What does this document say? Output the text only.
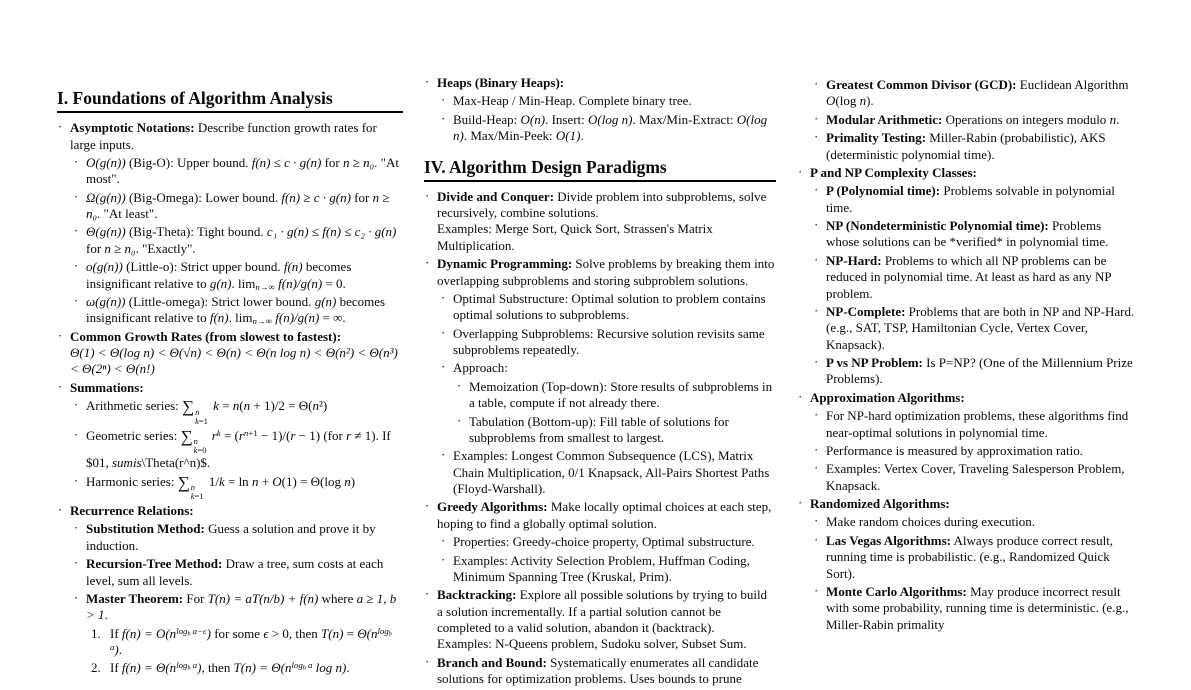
I. Foundations of Algorithm Analysis
· Asymptotic Notations: Describe function growth rates for large inputs.
· O(g(n)) (Big-O): Upper bound. f(n) ≤ c · g(n) for n ≥ n₀. "At most".
· Ω(g(n)) (Big-Omega): Lower bound. f(n) ≥ c · g(n) for n ≥ n₀. "At least".
· Θ(g(n)) (Big-Theta): Tight bound. c₁ · g(n) ≤ f(n) ≤ c₂ · g(n) for n ≥ n₀. "Exactly".
· o(g(n)) (Little-o): Strict upper bound. f(n) becomes insignificant relative to g(n). $\lim_{n\to\infty} f(n)/g(n) = 0$.
· ω(g(n)) (Little-omega): Strict lower bound. g(n) becomes insignificant relative to f(n). $\lim_{n\to\infty} f(n)/g(n)$ = ∞.
· Common Growth Rates (from slowest to fastest):
Θ(1) < Θ(log n) < Θ(√n) < Θ(n) < Θ(n log n) < Θ(n²) < Θ(n³) < Θ(2ⁿ) < Θ(n!)
· Summations:
· Arithmetic series: ∑ n
k=1
k = n(n + 1)/2 = Θ(n²)
· Geometric series: ∑ n
k=0
$r^k = (r^{n+1} - 1)/(r - 1)$ (for r ≠ 1). If $01, sumis\Theta(r^n)$.
· Harmonic series: ∑ n
k=1
1/k = ln n + O(1) = Θ(log n)
· Recurrence Relations:
· Substitution Method: Guess a solution and prove it by induction.
· Recursion-Tree Method: Draw a tree, sum costs at each level, sum all levels.
· Master Theorem: For T(n) = aT(n/b) + f(n) where a ≥ 1, b > 1.
1. If $f(n) = O(n^{log_b a-\epsilon})$ for some ϵ > 0, then $T(n) = \Theta(n^{log_b a})$.
2. If $f(n) = \Theta(n^{log_b a})$, then $T(n) = \Theta(n^{log_b a}$ log n).
· Heaps (Binary Heaps):
· Max-Heap / Min-Heap. Complete binary tree.
· Build-Heap: O(n). Insert: O(log n). Max/Min-Extract: O(log n). Max/Min-Peek: O(1).
IV. Algorithm Design Paradigms
· Divide and Conquer: Divide problem into subproblems, solve recursively, combine solutions.
Examples: Merge Sort, Quick Sort, Strassen's Matrix Multiplication.
· Dynamic Programming: Solve problems by breaking them into overlapping subproblems and storing subproblem solutions.
· Optimal Substructure: Optimal solution to problem contains optimal solutions to subproblems.
· Overlapping Subproblems: Recursive solution revisits same subproblems repeatedly.
· Approach:
· Memoization (Top-down): Store results of subproblems in a table, compute if not already there.
· Tabulation (Bottom-up): Fill table of solutions for subproblems from smallest to largest.
· Examples: Longest Common Subsequence (LCS), Matrix Chain Multiplication, 0/1 Knapsack, All-Pairs Shortest Paths (Floyd-Warshall).
· Greedy Algorithms: Make locally optimal choices at each step, hoping to find a globally optimal solution.
· Properties: Greedy-choice property, Optimal substructure.
· Examples: Activity Selection Problem, Huffman Coding, Minimum Spanning Tree (Kruskal, Prim).
· Backtracking: Explore all possible solutions by trying to build a solution incrementally. If a partial solution cannot be completed to a valid solution, abandon it (backtrack).
Examples: N-Queens problem, Sudoku solver, Subset Sum.
· Branch and Bound: Systematically enumerates all candidate solutions for optimization problems. Uses bounds to prune
· Greatest Common Divisor (GCD): Euclidean Algorithm O(log n).
· Modular Arithmetic: Operations on integers modulo n.
· Primality Testing: Miller-Rabin (probabilistic), AKS (deterministic polynomial time).
· P and NP Complexity Classes:
· P (Polynomial time): Problems solvable in polynomial time.
· NP (Nondeterministic Polynomial time): Problems whose solutions can be *verified* in polynomial time.
· NP-Hard: Problems to which all NP problems can be reduced in polynomial time. At least as hard as any NP problem.
· NP-Complete: Problems that are both in NP and NP-Hard. (e.g., SAT, TSP, Hamiltonian Cycle, Vertex Cover, Knapsack).
· P vs NP Problem: Is P=NP? (One of the Millennium Prize Problems).
· Approximation Algorithms:
· For NP-hard optimization problems, these algorithms find near-optimal solutions in polynomial time.
· Performance is measured by approximation ratio.
· Examples: Vertex Cover, Traveling Salesperson Problem, Knapsack.
· Randomized Algorithms:
· Make random choices during execution.
· Las Vegas Algorithms: Always produce correct result, running time is probabilistic. (e.g., Randomized Quick Sort).
· Monte Carlo Algorithms: May produce incorrect result with some probability, running time is deterministic. (e.g., Miller-Rabin primality
